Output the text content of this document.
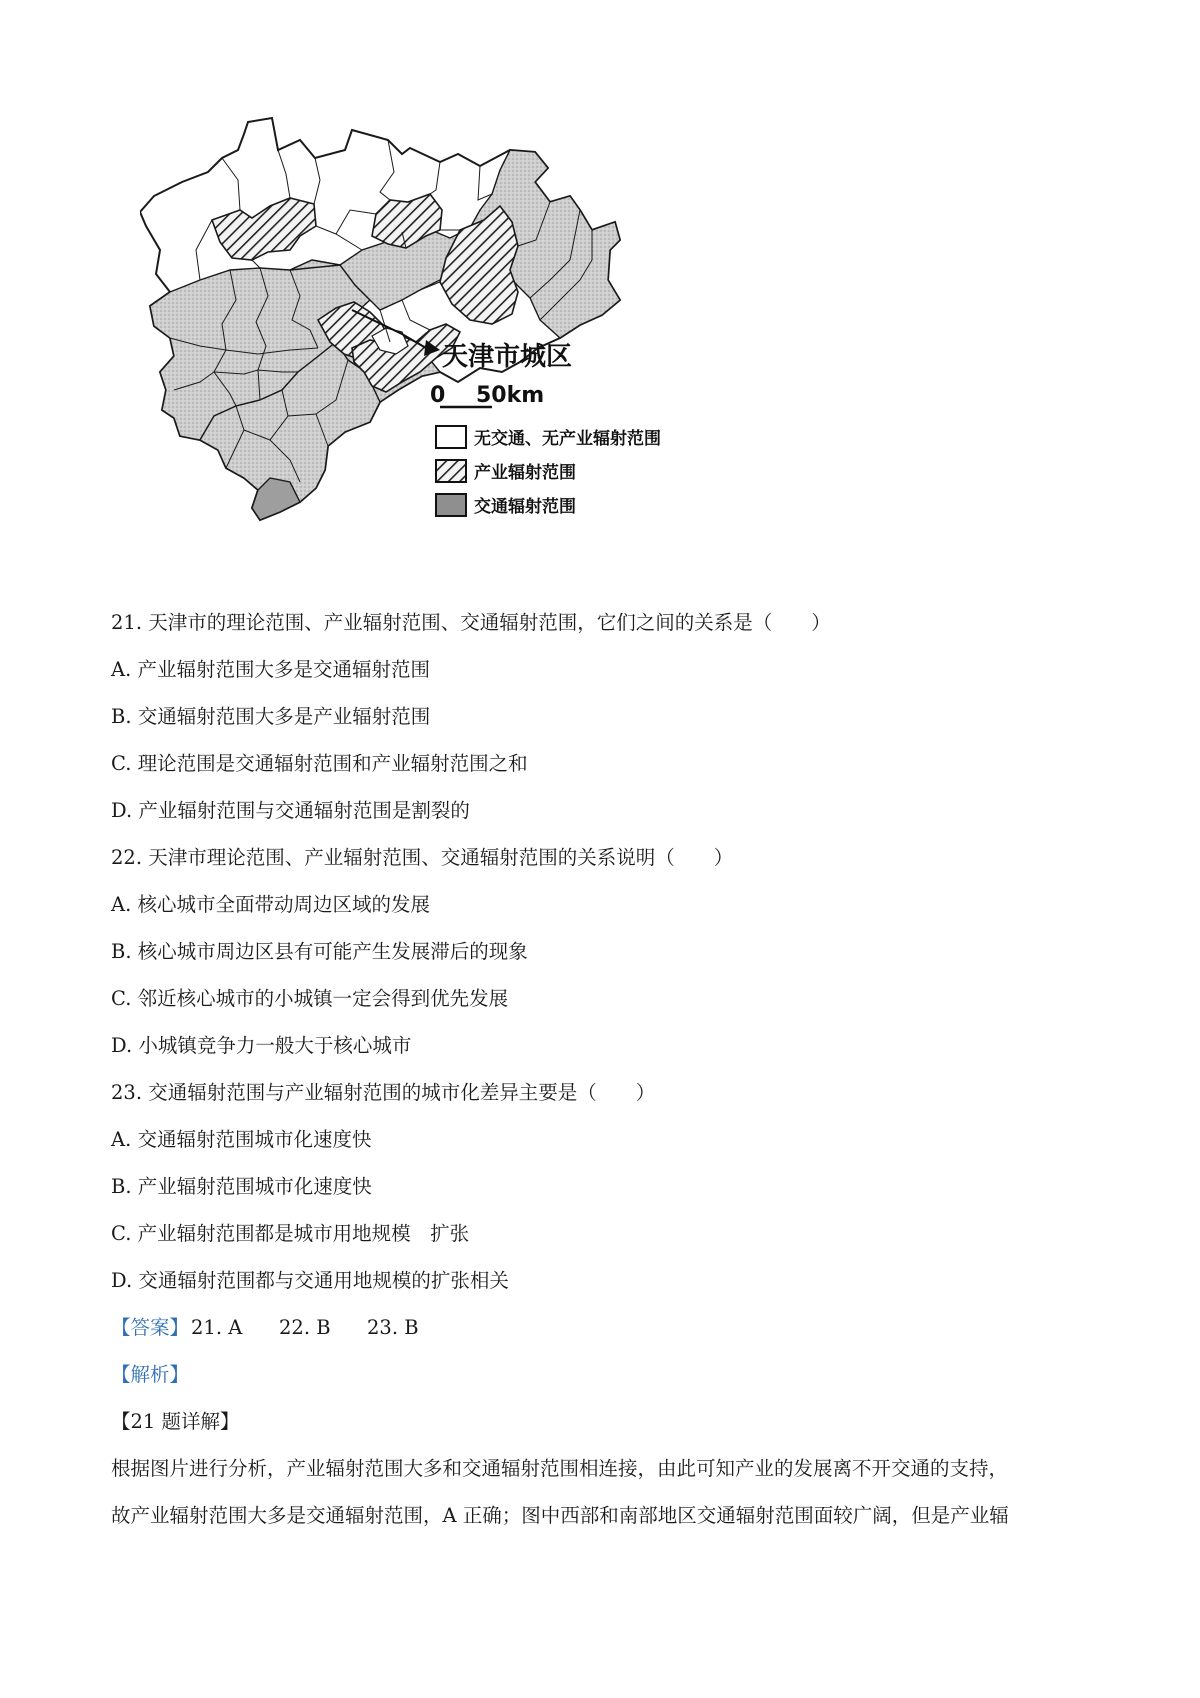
天津市城区
0 50km
无交通、无产业辐射范围
产业辐射范围
交通辐射范围
21. 天津市的理论范围、产业辐射范围、交通辐射范围，它们之间的关系是（　　）
A. 产业辐射范围大多是交通辐射范围
B. 交通辐射范围大多是产业辐射范围
C. 理论范围是交通辐射范围和产业辐射范围之和
D. 产业辐射范围与交通辐射范围是割裂的
22. 天津市理论范围、产业辐射范围、交通辐射范围的关系说明（　　）
A. 核心城市全面带动周边区域的发展
B. 核心城市周边区县有可能产生发展滞后的现象
C. 邻近核心城市的小城镇一定会得到优先发展
D. 小城镇竞争力一般大于核心城市
23. 交通辐射范围与产业辐射范围的城市化差异主要是（　　）
A. 交通辐射范围城市化速度快
B. 产业辐射范围城市化速度快
C. 产业辐射范围都是城市用地规模　扩张
D. 交通辐射范围都与交通用地规模的扩张相关
【答案】 21. A 22. B 23. B
【解析】
【21 题详解】
根据图片进行分析，产业辐射范围大多和交通辐射范围相连接，由此可知产业的发展离不开交通的支持，
故产业辐射范围大多是交通辐射范围，A 正确；图中西部和南部地区交通辐射范围面较广阔，但是产业辐
